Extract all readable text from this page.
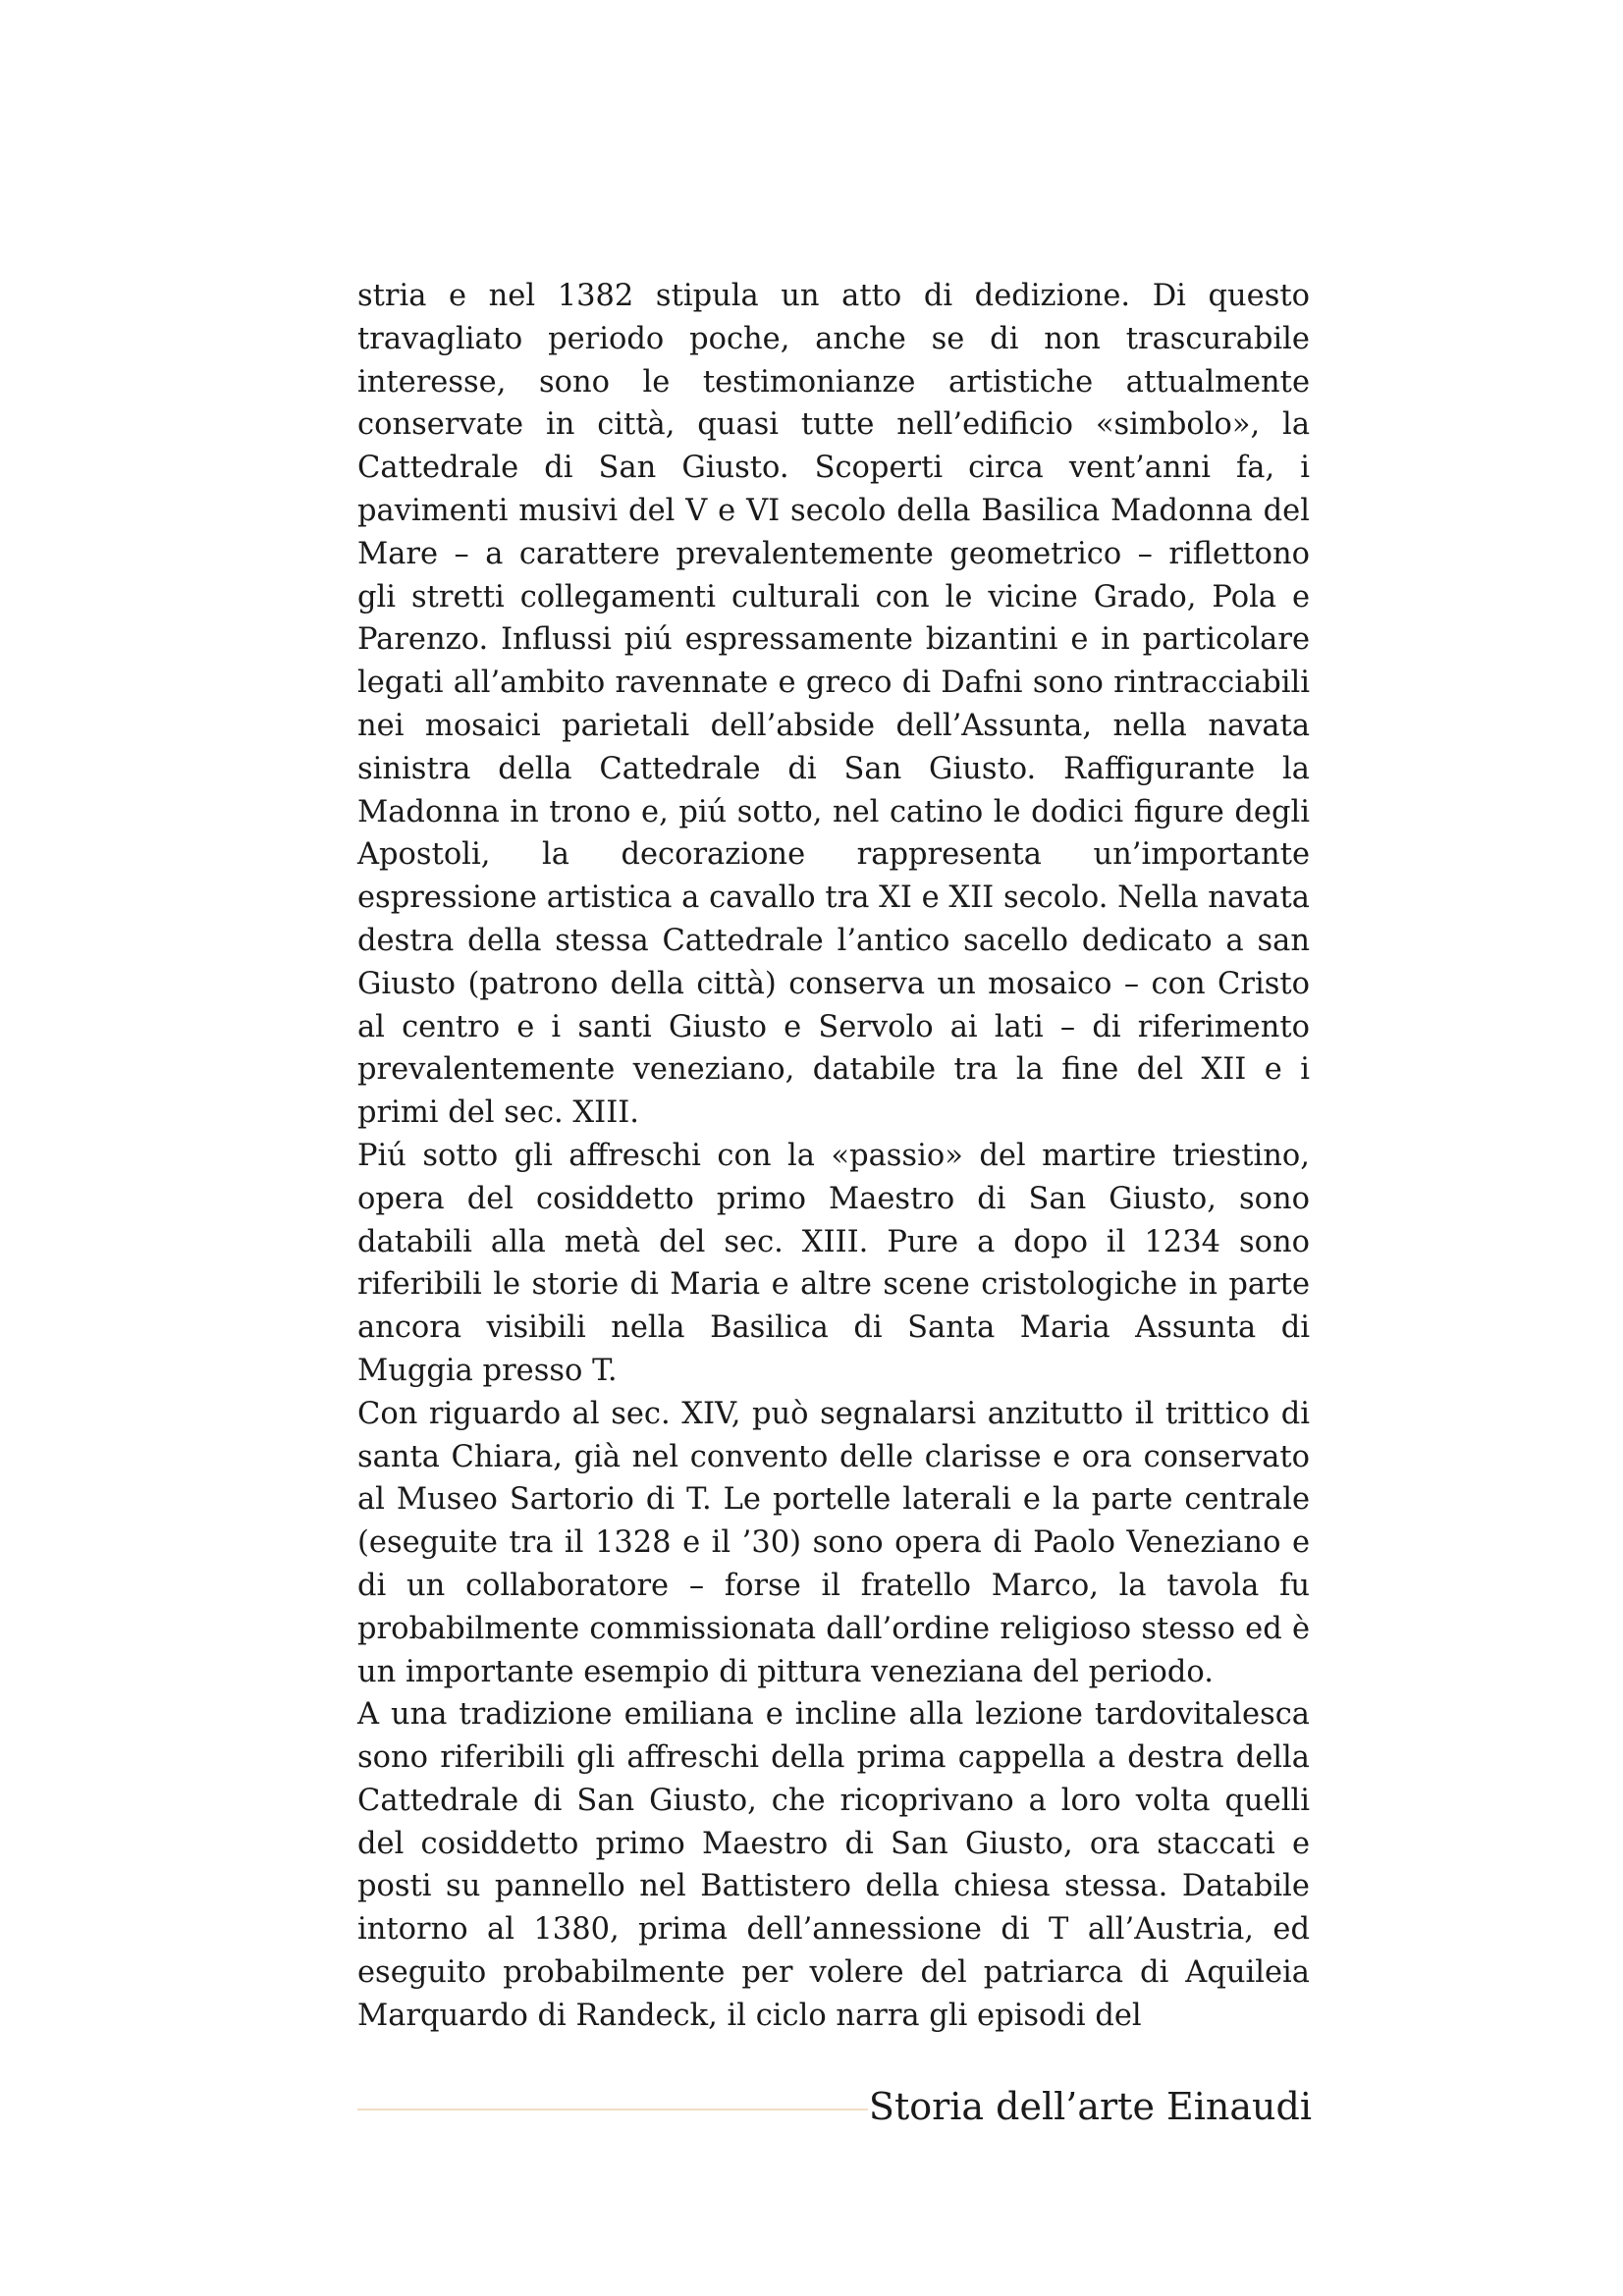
stria e nel 1382 stipula un atto di dedizione. Di questo travagliato periodo poche, anche se di non trascurabile interesse, sono le testimonianze artistiche attualmente conservate in città, quasi tutte nell’edificio «simbolo», la Cattedrale di San Giusto. Scoperti circa vent’anni fa, i pavimenti musivi del V e VI secolo della Basilica Madonna del Mare – a carattere prevalentemente geometrico – riflettono gli stretti collegamenti culturali con le vicine Grado, Pola e Parenzo. Influssi piú espressamente bizantini e in particolare legati all’ambito ravennate e greco di Dafni sono rintracciabili nei mosaici parietali dell’abside dell’Assunta, nella navata sinistra della Cattedrale di San Giusto. Raffigurante la Madonna in trono e, piú sotto, nel catino le dodici figure degli Apostoli, la decorazione rappresenta un’importante espressione artistica a cavallo tra XI e XII secolo. Nella navata destra della stessa Cattedrale l’antico sacello dedicato a san Giusto (patrono della città) conserva un mosaico – con Cristo al centro e i santi Giusto e Servolo ai lati – di riferimento prevalentemente veneziano, databile tra la fine del XII e i primi del sec. XIII.

Piú sotto gli affreschi con la «passio» del martire triestino, opera del cosiddetto primo Maestro di San Giusto, sono databili alla metà del sec. XIII. Pure a dopo il 1234 sono riferibili le storie di Maria e altre scene cristologiche in parte ancora visibili nella Basilica di Santa Maria Assunta di Muggia presso T.

Con riguardo al sec. XIV, può segnalarsi anzitutto il trittico di santa Chiara, già nel convento delle clarisse e ora conservato al Museo Sartorio di T. Le portelle laterali e la parte centrale (eseguite tra il 1328 e il ’30) sono opera di Paolo Veneziano e di un collaboratore – forse il fratello Marco, la tavola fu probabilmente commissionata dall’ordine religioso stesso ed è un importante esempio di pittura veneziana del periodo.

A una tradizione emiliana e incline alla lezione tardovitalesca sono riferibili gli affreschi della prima cappella a destra della Cattedrale di San Giusto, che ricoprivano a loro volta quelli del cosiddetto primo Maestro di San Giusto, ora staccati e posti su pannello nel Battistero della chiesa stessa. Databile intorno al 1380, prima dell’annessione di T all’Austria, ed eseguito probabilmente per volere del patriarca di Aquileia Marquardo di Randeck, il ciclo narra gli episodi del

Storia dell’arte Einaudi
